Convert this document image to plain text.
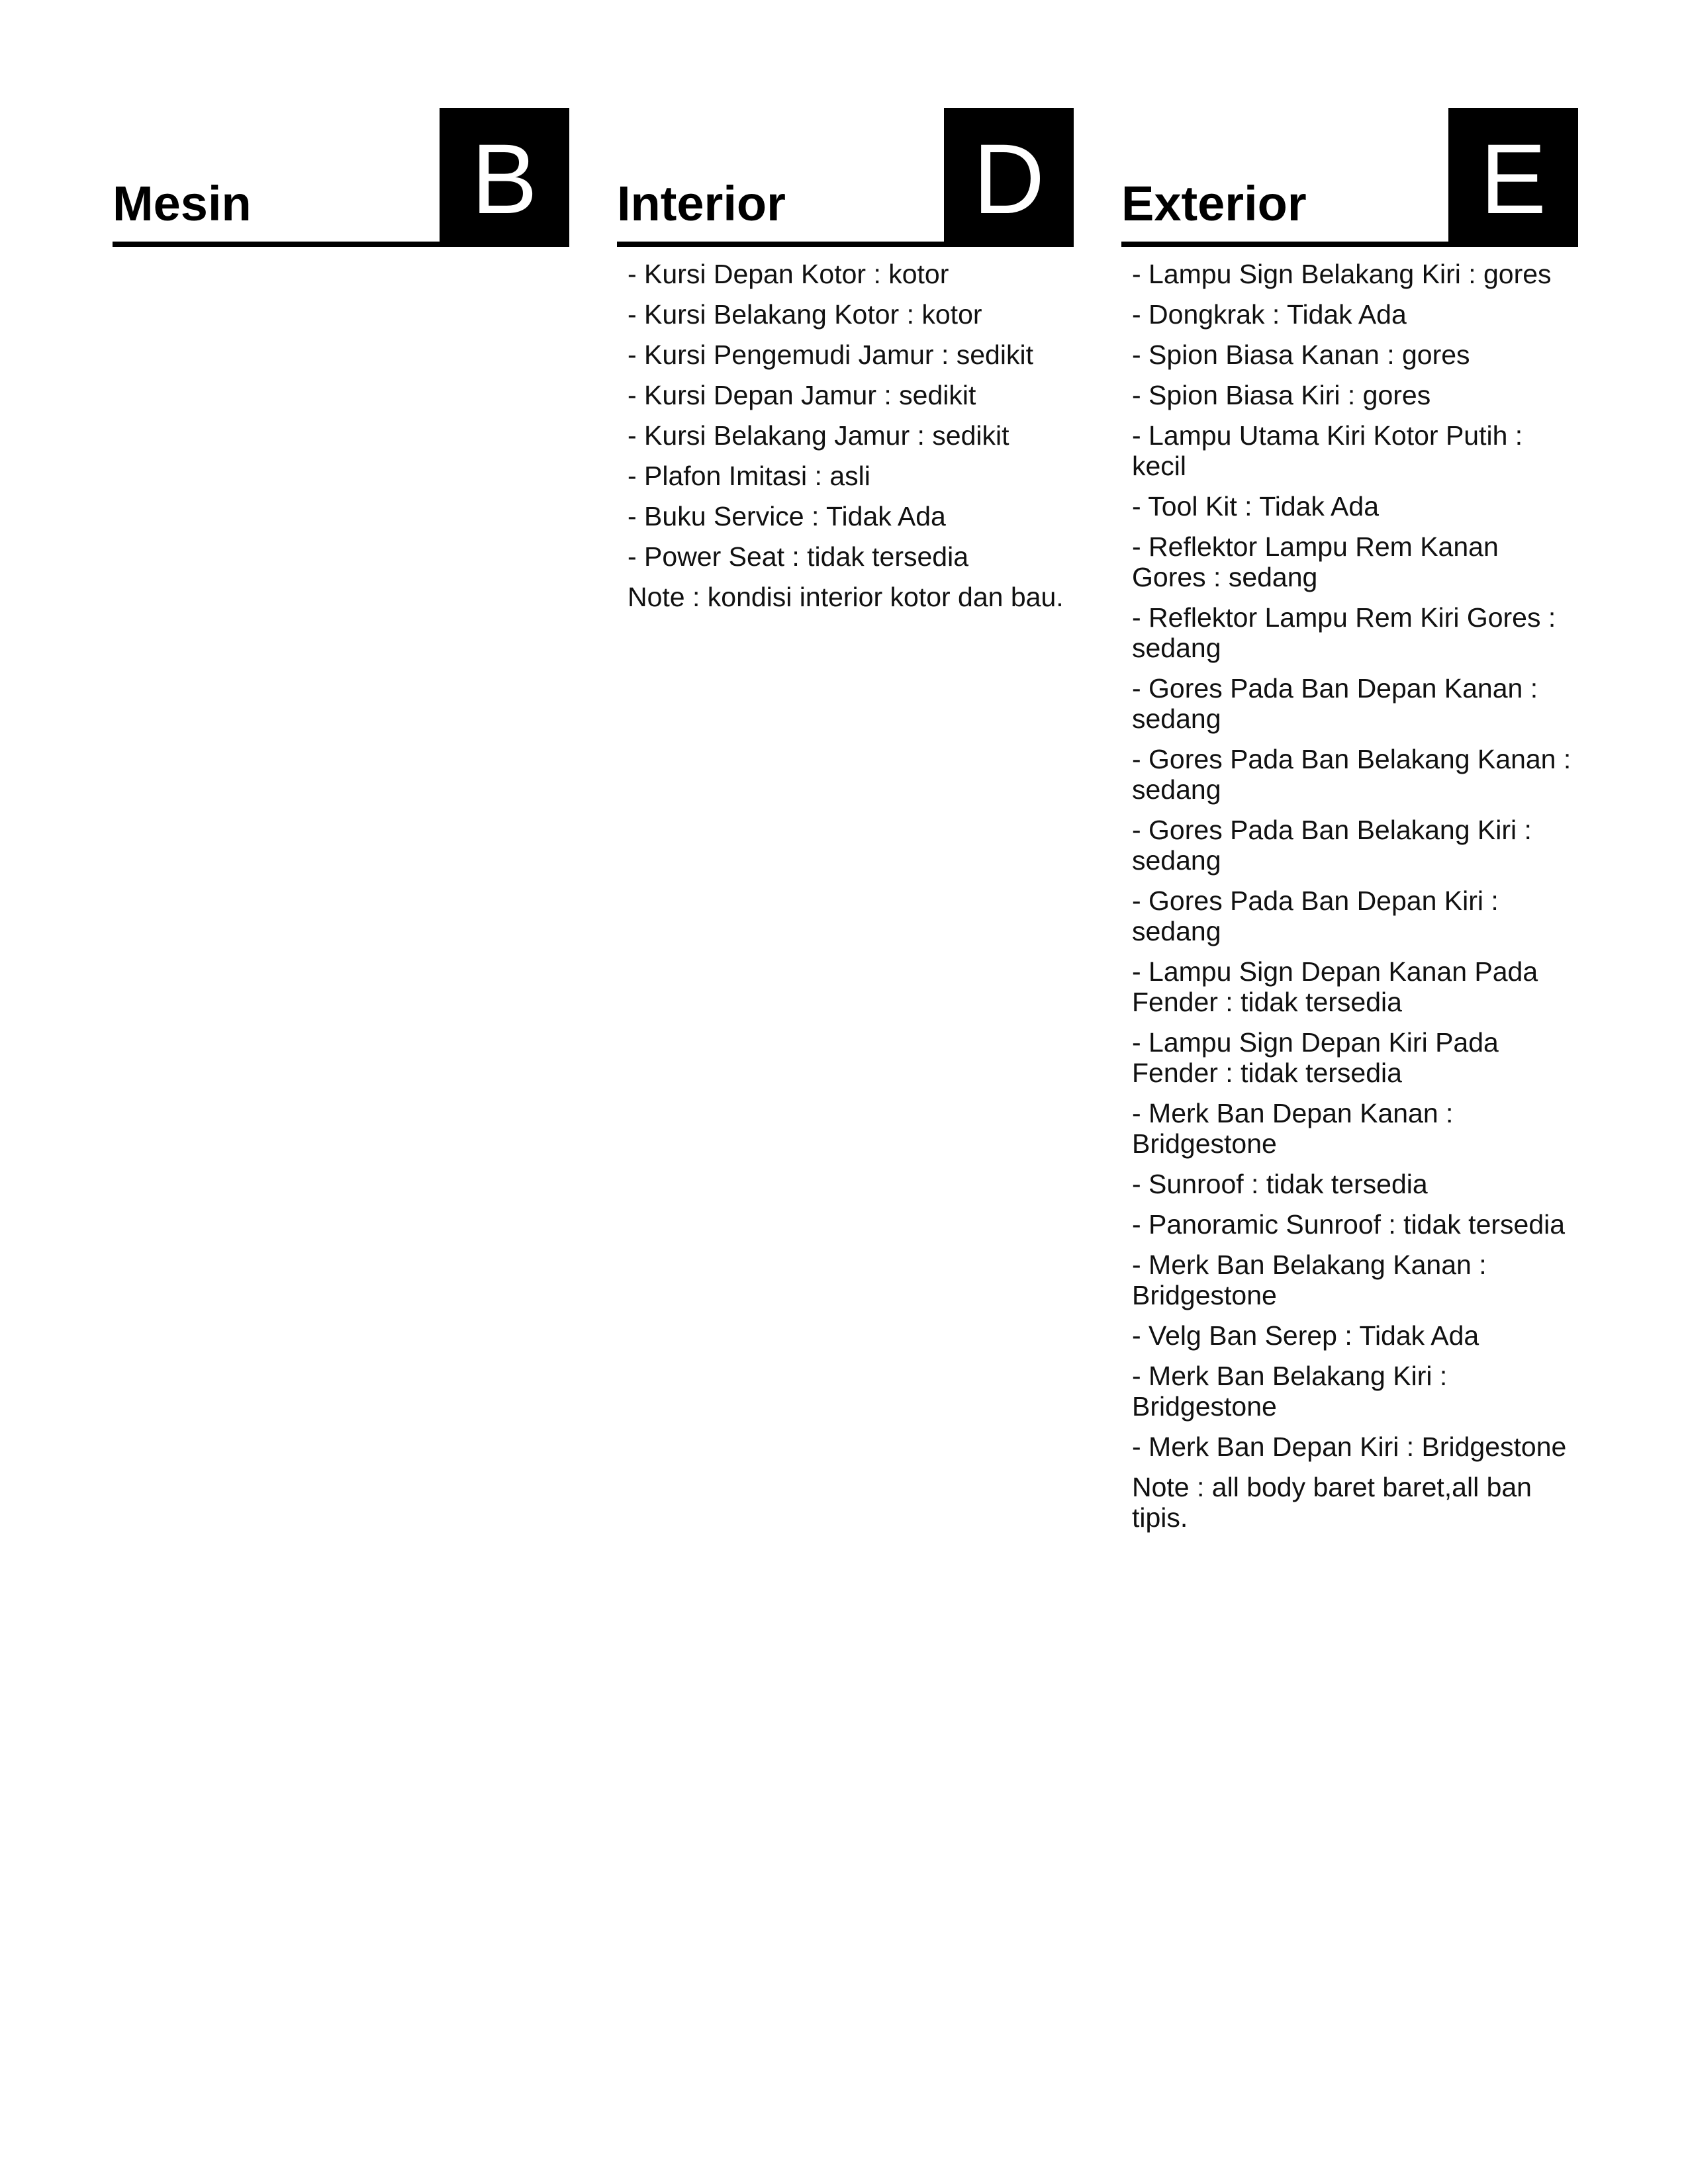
Mesin	B	Interior D
- Kursi Depan Kotor : kotor
- Kursi Belakang Kotor : kotor
- Kursi Pengemudi Jamur : sedikit
- Kursi Depan Jamur : sedikit
- Kursi Belakang Jamur : sedikit
- Plafon Imitasi : asli
- Buku Service : Tidak Ada
- Power Seat : tidak tersedia

Note : kondisi interior kotor dan bau.

Exterior	E
- Lampu Sign Belakang Kiri : gores
- Dongkrak : Tidak Ada
- Spion Biasa Kanan : gores
- Spion Biasa Kiri : gores
- Lampu Utama Kiri Kotor Putih : kecil
- Tool Kit : Tidak Ada
- Reflektor Lampu Rem Kanan Gores : sedang
- Reflektor Lampu Rem Kiri Gores : sedang
- Gores Pada Ban Depan Kanan : sedang
- Gores Pada Ban Belakang Kanan : sedang
- Gores Pada Ban Belakang Kiri : sedang
- Gores Pada Ban Depan Kiri : sedang
- Lampu Sign Depan Kanan Pada Fender : tidak tersedia
- Lampu Sign Depan Kiri Pada Fender : tidak tersedia
- Merk Ban Depan Kanan : Bridgestone
- Sunroof : tidak tersedia
- Panoramic Sunroof : tidak tersedia
- Merk Ban Belakang Kanan : Bridgestone
- Velg Ban Serep : Tidak Ada
- Merk Ban Belakang Kiri : Bridgestone
- Merk Ban Depan Kiri : Bridgestone

Note : all body baret baret,all ban tipis.
